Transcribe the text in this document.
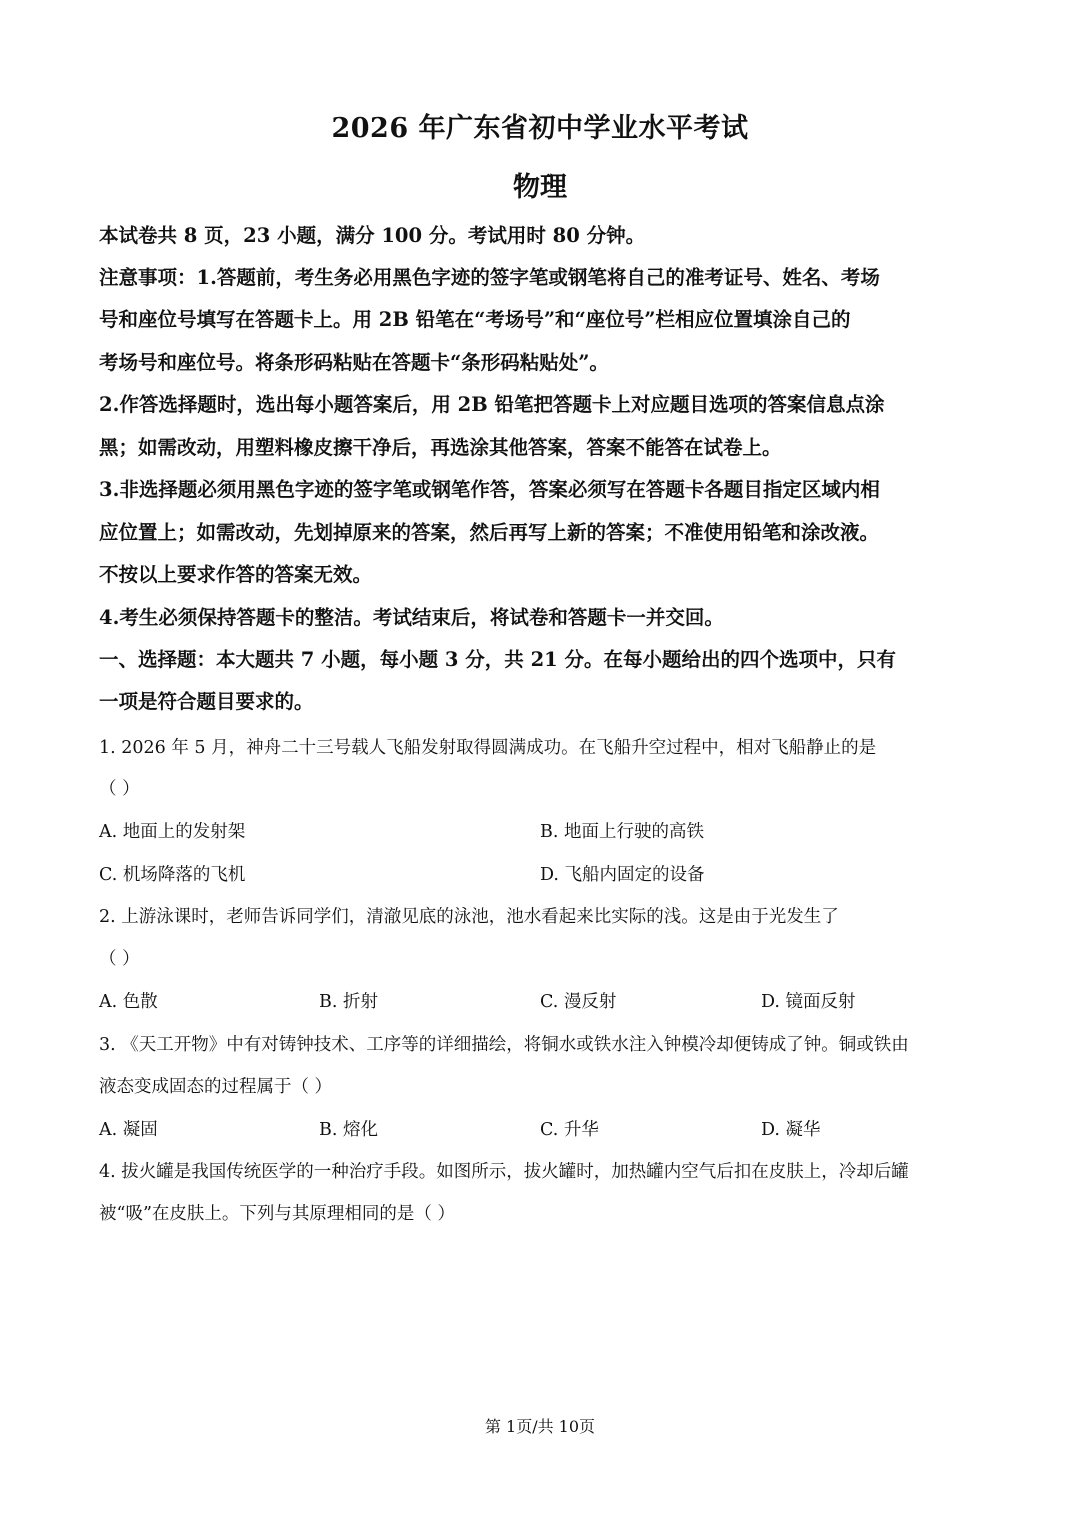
2026 年广东省初中学业水平考试
物理
本试卷共 8 页，23 小题，满分 100 分。考试用时 80 分钟。
注意事项：1.答题前，考生务必用黑色字迹的签字笔或钢笔将自己的准考证号、姓名、考场
号和座位号填写在答题卡上。用 2B 铅笔在“考场号”和“座位号”栏相应位置填涂自己的
考场号和座位号。将条形码粘贴在答题卡“条形码粘贴处”。
2.作答选择题时，选出每小题答案后，用 2B 铅笔把答题卡上对应题目选项的答案信息点涂
黑；如需改动，用塑料橡皮擦干净后，再选涂其他答案，答案不能答在试卷上。
3.非选择题必须用黑色字迹的签字笔或钢笔作答，答案必须写在答题卡各题目指定区域内相
应位置上；如需改动，先划掉原来的答案，然后再写上新的答案；不准使用铅笔和涂改液。
不按以上要求作答的答案无效。
4.考生必须保持答题卡的整洁。考试结束后，将试卷和答题卡一并交回。
一、选择题：本大题共 7 小题，每小题 3 分，共 21 分。在每小题给出的四个选项中，只有
一项是符合题目要求的。
1. 2026 年 5 月，神舟二十三号载人飞船发射取得圆满成功。在飞船升空过程中，相对飞船静止的是
（ ）
A. 地面上的发射架	B. 地面上行驶的高铁
C. 机场降落的飞机	D. 飞船内固定的设备
2. 上游泳课时，老师告诉同学们，清澈见底的泳池，池水看起来比实际的浅。这是由于光发生了
（ ）
A. 色散	B. 折射	C. 漫反射	D. 镜面反射
3. 《天工开物》中有对铸钟技术、工序等的详细描绘，将铜水或铁水注入钟模冷却便铸成了钟。铜或铁由
液态变成固态的过程属于（ ）
A. 凝固	B. 熔化	C. 升华	D. 凝华
4. 拔火罐是我国传统医学的一种治疗手段。如图所示，拔火罐时，加热罐内空气后扣在皮肤上，冷却后罐
被“吸”在皮肤上。下列与其原理相同的是（ ）
第 1页/共 10页
